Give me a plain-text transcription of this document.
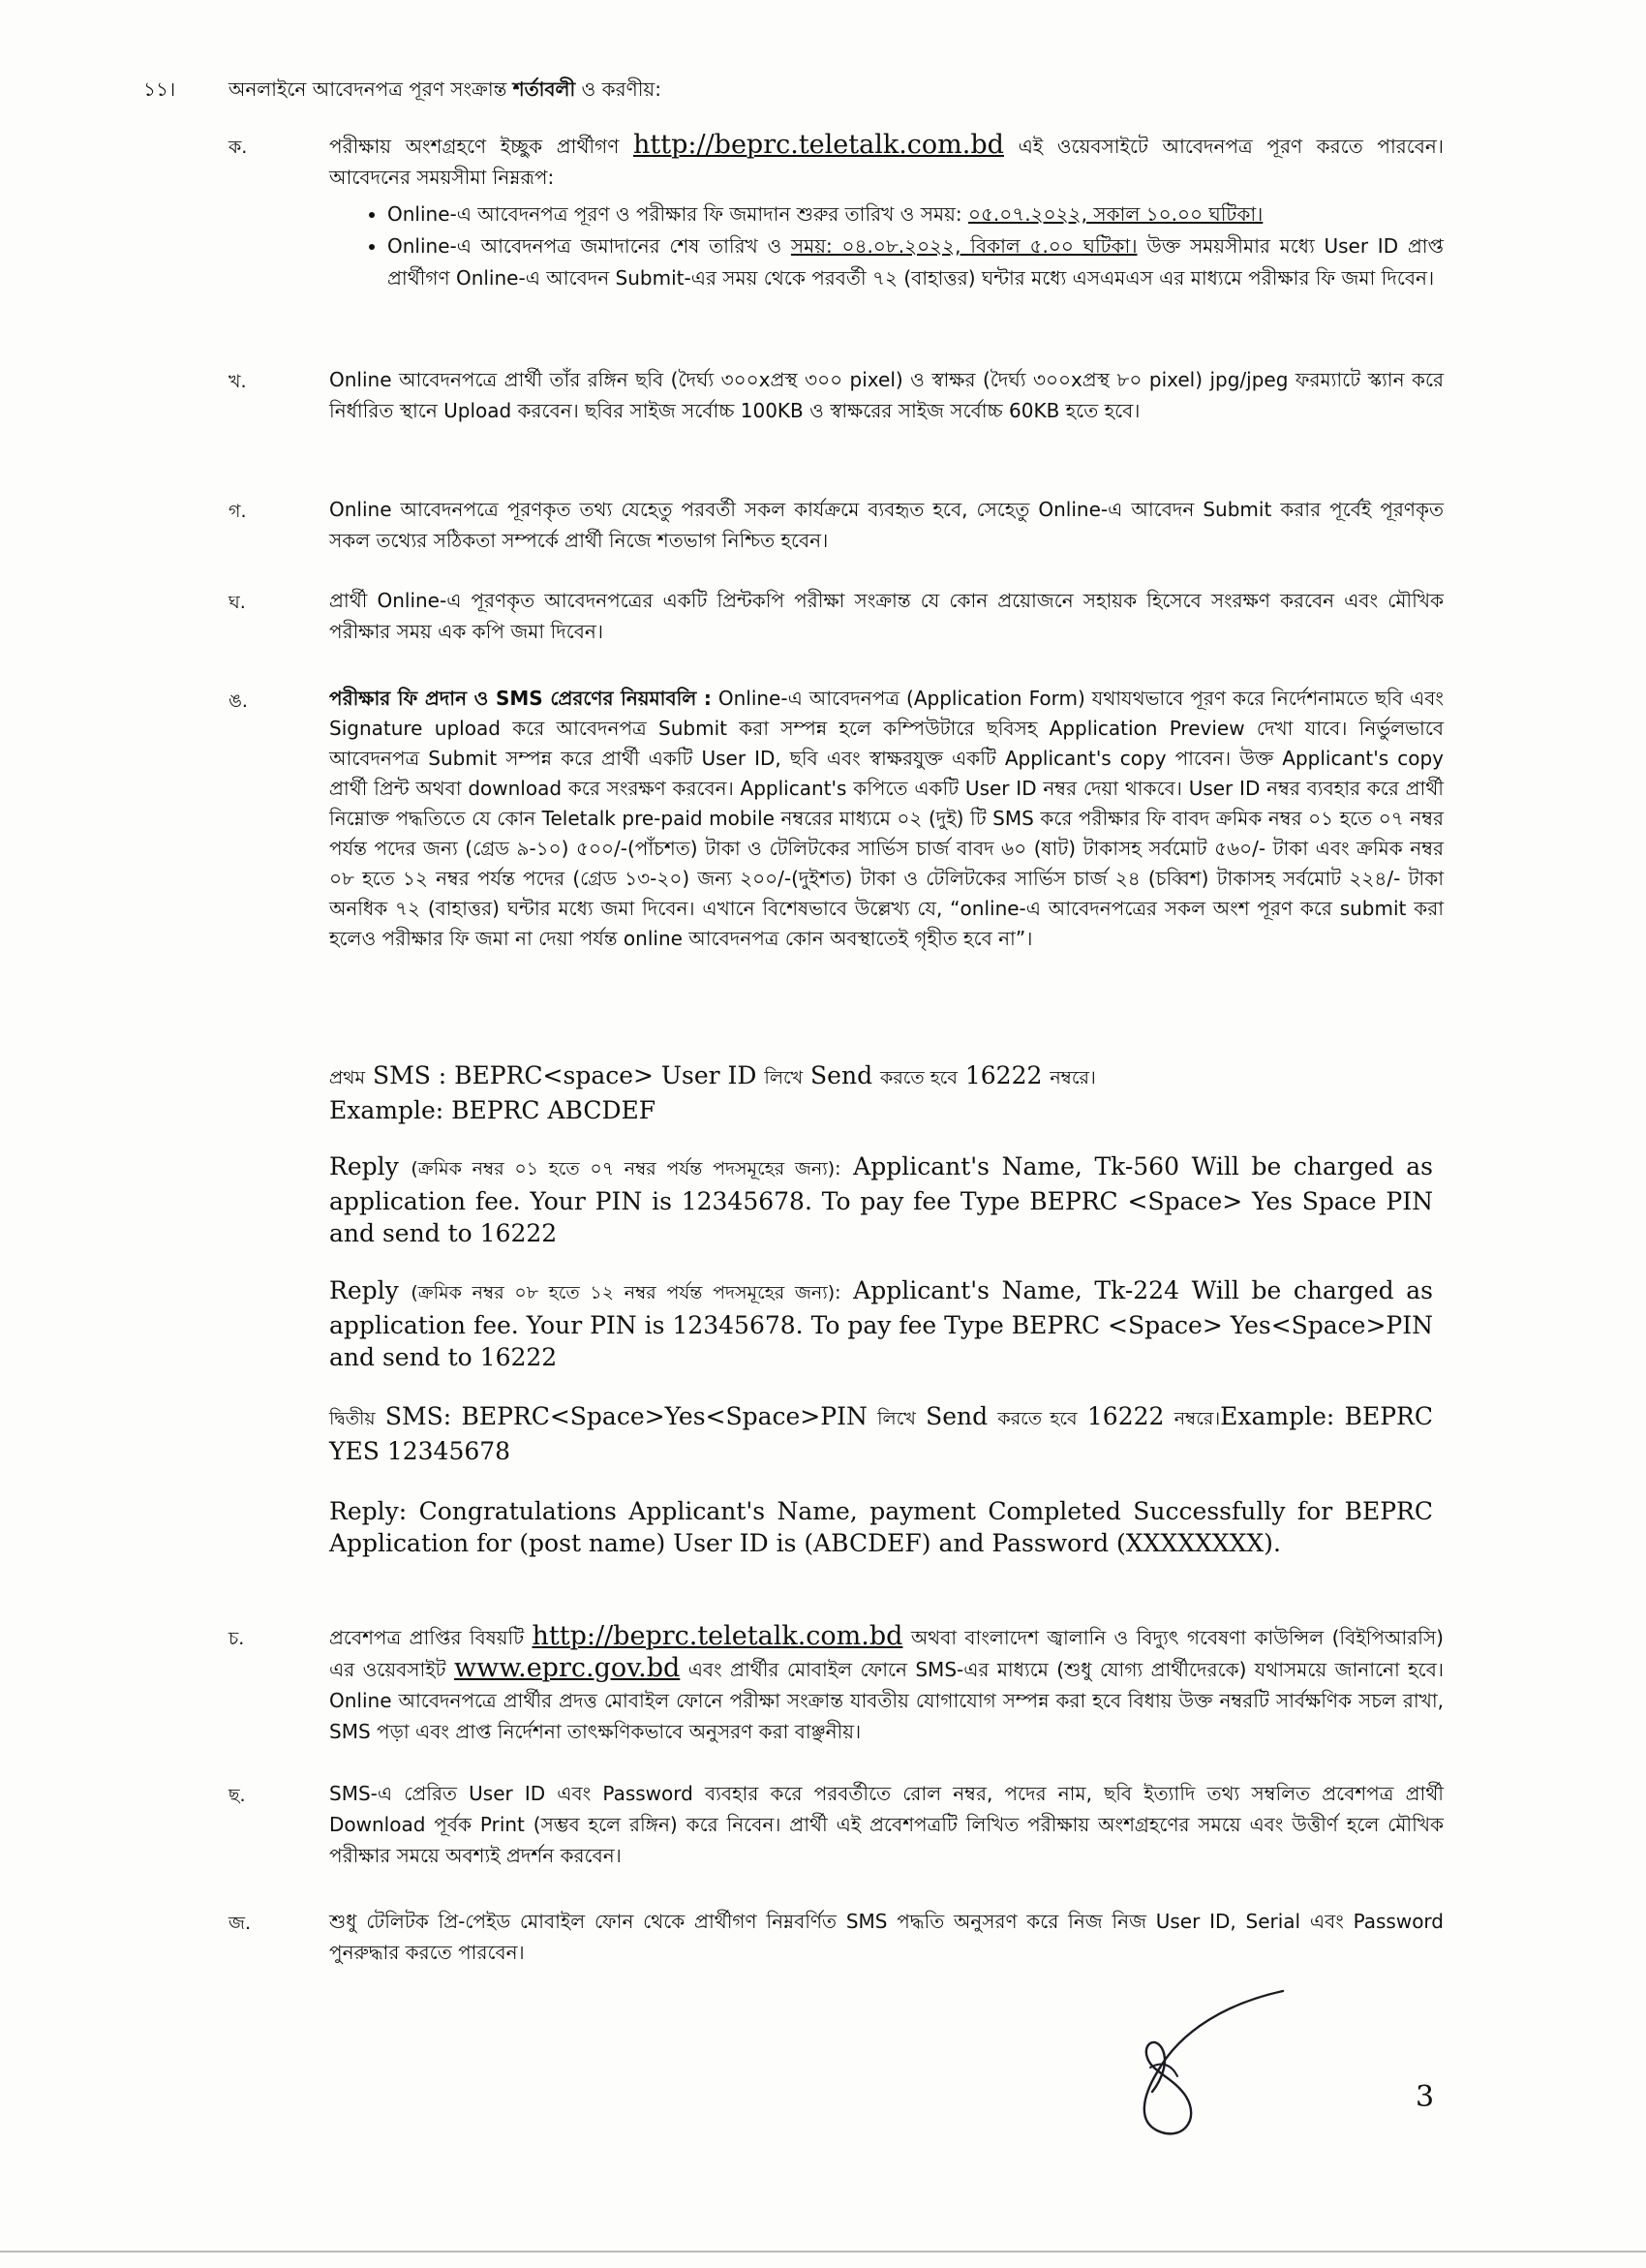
১১।	অনলাইনে আবেদনপত্র পূরণ সংক্রান্ত শর্তাবলী ও করণীয়:
ক.	পরীক্ষায় অংশগ্রহণে ইচ্ছুক প্রার্থীগণ http://beprc.teletalk.com.bd এই ওয়েবসাইটে আবেদনপত্র পূরণ করতে পারবেন। আবেদনের সময়সীমা নিম্নরূপ:
• Online-এ আবেদনপত্র পূরণ ও পরীক্ষার ফি জমাদান শুরুর তারিখ ও সময়: ০৫.০৭.২০২২, সকাল ১০.০০ ঘটিকা।
• Online-এ আবেদনপত্র জমাদানের শেষ তারিখ ও সময়: ০৪.০৮.২০২২, বিকাল ৫.০০ ঘটিকা। উক্ত সময়সীমার মধ্যে User ID প্রাপ্ত প্রার্থীগণ Online-এ আবেদন Submit-এর সময় থেকে পরবর্তী ৭২ (বাহাত্তর) ঘন্টার মধ্যে এসএমএস এর মাধ্যমে পরীক্ষার ফি জমা দিবেন।
খ.	Online আবেদনপত্রে প্রার্থী তাঁর রঙ্গিন ছবি (দৈর্ঘ্য ৩০০xপ্রস্থ ৩০০ pixel) ও স্বাক্ষর (দৈর্ঘ্য ৩০০xপ্রস্থ ৮০ pixel) jpg/jpeg ফরম্যাটে স্ক্যান করে নির্ধারিত স্থানে Upload করবেন। ছবির সাইজ সর্বোচ্চ 100KB ও স্বাক্ষরের সাইজ সর্বোচ্চ 60KB হতে হবে।
গ.	Online আবেদনপত্রে পূরণকৃত তথ্য যেহেতু পরবর্তী সকল কার্যক্রমে ব্যবহৃত হবে, সেহেতু Online-এ আবেদন Submit করার পূর্বেই পূরণকৃত সকল তথ্যের সঠিকতা সম্পর্কে প্রার্থী নিজে শতভাগ নিশ্চিত হবেন।
ঘ.	প্রার্থী Online-এ পূরণকৃত আবেদনপত্রের একটি প্রিন্টকপি পরীক্ষা সংক্রান্ত যে কোন প্রয়োজনে সহায়ক হিসেবে সংরক্ষণ করবেন এবং মৌখিক পরীক্ষার সময় এক কপি জমা দিবেন।
ঙ.	পরীক্ষার ফি প্রদান ও SMS প্রেরণের নিয়মাবলি : Online-এ আবেদনপত্র (Application Form) যথাযথভাবে পূরণ করে নির্দেশনামতে ছবি এবং Signature upload করে আবেদনপত্র Submit করা সম্পন্ন হলে কম্পিউটারে ছবিসহ Application Preview দেখা যাবে। নির্ভুলভাবে আবেদনপত্র Submit সম্পন্ন করে প্রার্থী একটি User ID, ছবি এবং স্বাক্ষরযুক্ত একটি Applicant's copy পাবেন। উক্ত Applicant's copy প্রার্থী প্রিন্ট অথবা download করে সংরক্ষণ করবেন। Applicant's কপিতে একটি User ID নম্বর দেয়া থাকবে। User ID নম্বর ব্যবহার করে প্রার্থী নিম্নোক্ত পদ্ধতিতে যে কোন Teletalk pre-paid mobile নম্বরের মাধ্যমে ০২ (দুই) টি SMS করে পরীক্ষার ফি বাবদ ক্রমিক নম্বর ০১ হতে ০৭ নম্বর পর্যন্ত পদের জন্য (গ্রেড ৯-১০) ৫০০/-(পাঁচশত) টাকা ও টেলিটকের সার্ভিস চার্জ বাবদ ৬০ (ষাট) টাকাসহ সর্বমোট ৫৬০/- টাকা এবং ক্রমিক নম্বর ০৮ হতে ১২ নম্বর পর্যন্ত পদের (গ্রেড ১৩-২০) জন্য ২০০/-(দুইশত) টাকা ও টেলিটকের সার্ভিস চার্জ ২৪ (চব্বিশ) টাকাসহ সর্বমোট ২২৪/- টাকা অনধিক ৭২ (বাহাত্তর) ঘন্টার মধ্যে জমা দিবেন। এখানে বিশেষভাবে উল্লেখ্য যে, “online-এ আবেদনপত্রের সকল অংশ পূরণ করে submit করা হলেও পরীক্ষার ফি জমা না দেয়া পর্যন্ত online আবেদনপত্র কোন অবস্থাতেই গৃহীত হবে না”।
প্রথম SMS : BEPRC<space> User ID লিখে Send করতে হবে 16222 নম্বরে।
Example: BEPRC ABCDEF
Reply (ক্রমিক নম্বর ০১ হতে ০৭ নম্বর পর্যন্ত পদসমূহের জন্য): Applicant's Name, Tk-560 Will be charged as application fee. Your PIN is 12345678. To pay fee Type BEPRC <Space> Yes Space PIN and send to 16222
Reply (ক্রমিক নম্বর ০৮ হতে ১২ নম্বর পর্যন্ত পদসমূহের জন্য): Applicant's Name, Tk-224 Will be charged as application fee. Your PIN is 12345678. To pay fee Type BEPRC <Space> Yes<Space>PIN and send to 16222
দ্বিতীয় SMS: BEPRC<Space>Yes<Space>PIN লিখে Send করতে হবে 16222 নম্বরে।Example: BEPRC YES 12345678
Reply: Congratulations Applicant's Name, payment Completed Successfully for BEPRC Application for (post name) User ID is (ABCDEF) and Password (XXXXXXXX).
চ.	প্রবেশপত্র প্রাপ্তির বিষয়টি http://beprc.teletalk.com.bd অথবা বাংলাদেশ জ্বালানি ও বিদ্যুৎ গবেষণা কাউন্সিল (বিইপিআরসি) এর ওয়েবসাইট www.eprc.gov.bd এবং প্রার্থীর মোবাইল ফোনে SMS-এর মাধ্যমে (শুধু যোগ্য প্রার্থীদেরকে) যথাসময়ে জানানো হবে। Online আবেদনপত্রে প্রার্থীর প্রদত্ত মোবাইল ফোনে পরীক্ষা সংক্রান্ত যাবতীয় যোগাযোগ সম্পন্ন করা হবে বিধায় উক্ত নম্বরটি সার্বক্ষণিক সচল রাখা, SMS পড়া এবং প্রাপ্ত নির্দেশনা তাৎক্ষণিকভাবে অনুসরণ করা বাঞ্ছনীয়।
ছ.	SMS-এ প্রেরিত User ID এবং Password ব্যবহার করে পরবর্তীতে রোল নম্বর, পদের নাম, ছবি ইত্যাদি তথ্য সম্বলিত প্রবেশপত্র প্রার্থী Download পূর্বক Print (সম্ভব হলে রঙ্গিন) করে নিবেন। প্রার্থী এই প্রবেশপত্রটি লিখিত পরীক্ষায় অংশগ্রহণের সময়ে এবং উত্তীর্ণ হলে মৌখিক পরীক্ষার সময়ে অবশ্যই প্রদর্শন করবেন।
জ.	শুধু টেলিটক প্রি-পেইড মোবাইল ফোন থেকে প্রার্থীগণ নিম্নবর্ণিত SMS পদ্ধতি অনুসরণ করে নিজ নিজ User ID, Serial এবং Password পুনরুদ্ধার করতে পারবেন।
3
